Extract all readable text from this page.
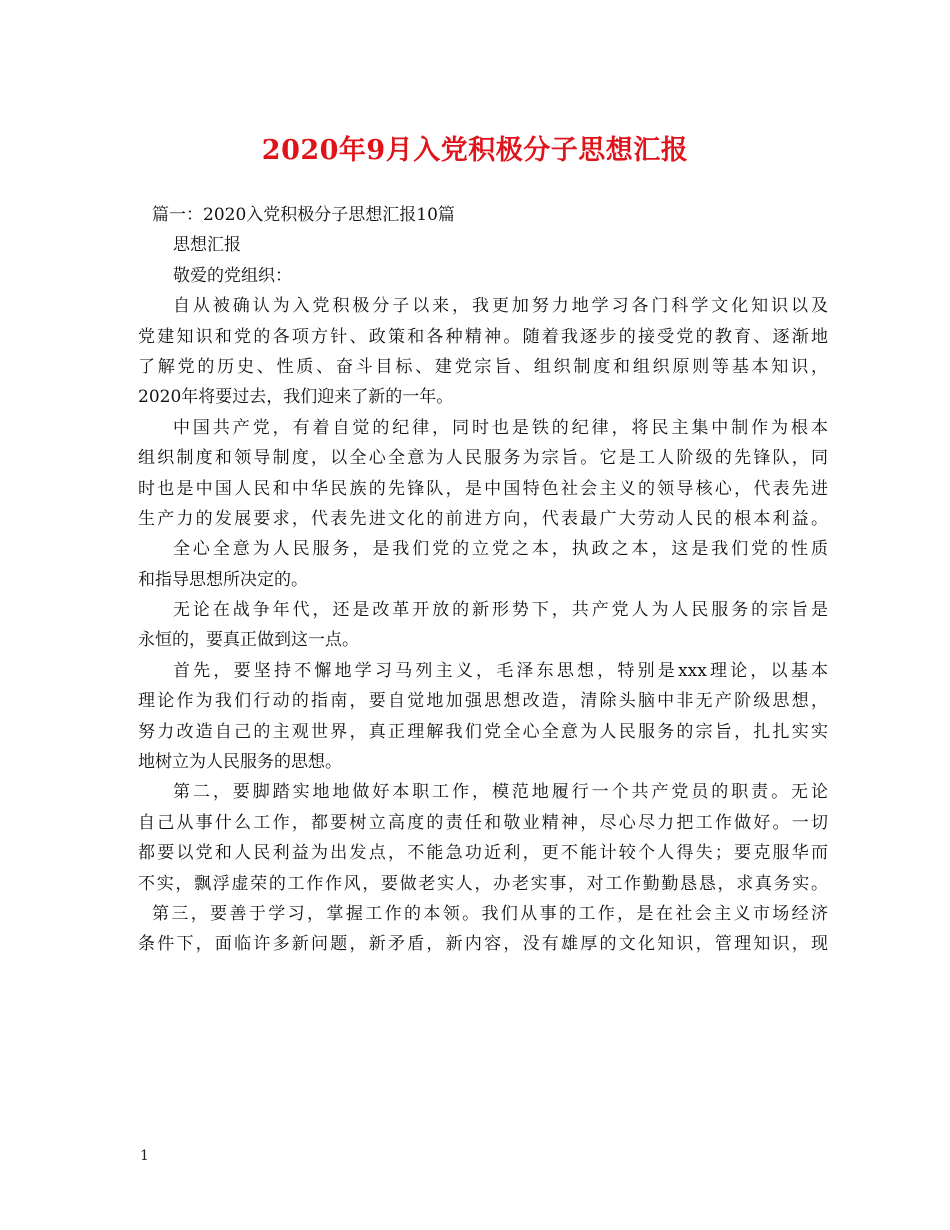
2020年9月入党积极分子思想汇报

篇一：2020入党积极分子思想汇报10篇

思想汇报

敬爱的党组织：

自从被确认为入党积极分子以来，我更加努力地学习各门科学文化知识以及

党建知识和党的各项方针、政策和各种精神。随着我逐步的接受党的教育、逐渐地

了解党的历史、性质、奋斗目标、建党宗旨、组织制度和组织原则等基本知识，

2020年将要过去，我们迎来了新的一年。

中国共产党，有着自觉的纪律，同时也是铁的纪律，将民主集中制作为根本

组织制度和领导制度，以全心全意为人民服务为宗旨。它是工人阶级的先锋队，同

时也是中国人民和中华民族的先锋队，是中国特色社会主义的领导核心，代表先进

生产力的发展要求，代表先进文化的前进方向，代表最广大劳动人民的根本利益。

全心全意为人民服务，是我们党的立党之本，执政之本，这是我们党的性质

和指导思想所决定的。

无论在战争年代，还是改革开放的新形势下，共产党人为人民服务的宗旨是

永恒的，要真正做到这一点。

首先，要坚持不懈地学习马列主义，毛泽东思想，特别是xxx理论，以基本

理论作为我们行动的指南，要自觉地加强思想改造，清除头脑中非无产阶级思想，

努力改造自己的主观世界，真正理解我们党全心全意为人民服务的宗旨，扎扎实实

地树立为人民服务的思想。

第二，要脚踏实地地做好本职工作，模范地履行一个共产党员的职责。无论

自己从事什么工作，都要树立高度的责任和敬业精神，尽心尽力把工作做好。一切

都要以党和人民利益为出发点，不能急功近利，更不能计较个人得失；要克服华而

不实，飘浮虚荣的工作作风，要做老实人，办老实事，对工作勤勤恳恳，求真务实。

第三，要善于学习，掌握工作的本领。我们从事的工作，是在社会主义市场经济

条件下，面临许多新问题，新矛盾，新内容，没有雄厚的文化知识，管理知识，现

1
